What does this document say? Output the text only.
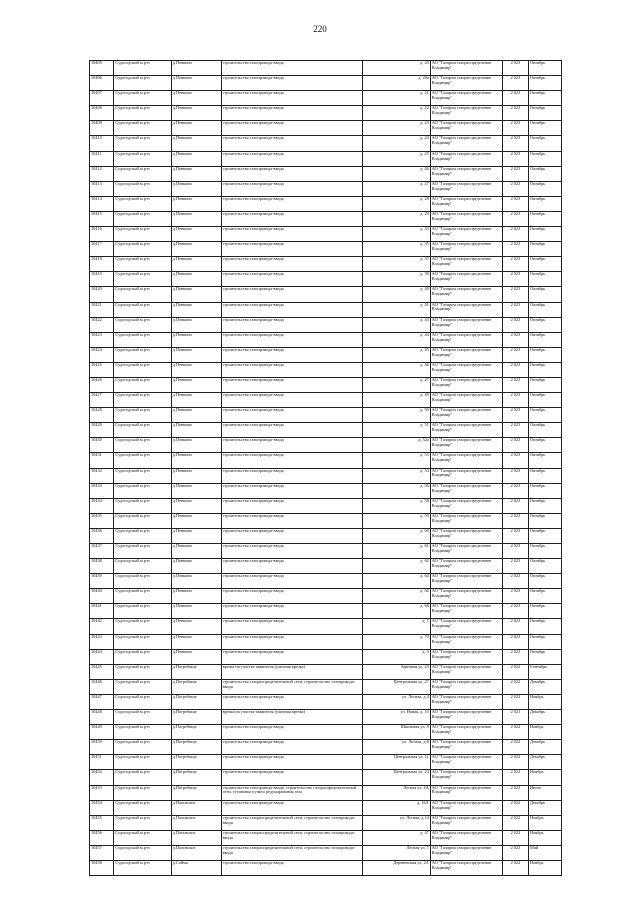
220
10405	Судогодский м.р-н	д.Пенкино	строительство газопровода-ввода	д. 20	АО "Газпром газораспределение Владимир"	2 023	Октябрь
10406	Судогодский м.р-н	д.Пенкино	строительство газопровода-ввода	д. 20а	АО "Газпром газораспределение Владимир"	2 023	Октябрь
10407	Судогодский м.р-н	д.Пенкино	строительство газопровода-ввода	д. 21	АО "Газпром газораспределение Владимир"	2 023	Октябрь
10408	Судогодский м.р-н	д.Пенкино	строительство газопровода-ввода	д. 22	АО "Газпром газораспределение Владимир"	2 023	Октябрь
10409	Судогодский м.р-н	д.Пенкино	строительство газопровода-ввода	д. 23	АО "Газпром газораспределение Владимир"	2 023	Октябрь
10410	Судогодский м.р-н	д.Пенкино	строительство газопровода-ввода	д. 24	АО "Газпром газораспределение Владимир"	2 023	Октябрь
10411	Судогодский м.р-н	д.Пенкино	строительство газопровода-ввода	д. 25	АО "Газпром газораспределение Владимир"	2 023	Октябрь
10412	Судогодский м.р-н	д.Пенкино	строительство газопровода-ввода	д. 26	АО "Газпром газораспределение Владимир"	2 023	Октябрь
10413	Судогодский м.р-н	д.Пенкино	строительство газопровода-ввода	д. 27	АО "Газпром газораспределение Владимир"	2 023	Октябрь
10414	Судогодский м.р-н	д.Пенкино	строительство газопровода-ввода	д. 28	АО "Газпром газораспределение Владимир"	2 023	Октябрь
10415	Судогодский м.р-н	д.Пенкино	строительство газопровода-ввода	д. 29	АО "Газпром газораспределение Владимир"	2 023	Октябрь
10416	Судогодский м.р-н	д.Пенкино	строительство газопровода-ввода	д. 33	АО "Газпром газораспределение Владимир"	2 023	Октябрь
10417	Судогодский м.р-н	д.Пенкино	строительство газопровода-ввода	д. 35	АО "Газпром газораспределение Владимир"	2 023	Октябрь
10418	Судогодский м.р-н	д.Пенкино	строительство газопровода-ввода	д. 37	АО "Газпром газораспределение Владимир"	2 023	Октябрь
10419	Судогодский м.р-н	д.Пенкино	строительство газопровода-ввода	д. 39	АО "Газпром газораспределение Владимир"	2 023	Октябрь
10420	Судогодский м.р-н	д.Пенкино	строительство газопровода-ввода	д. 40	АО "Газпром газораспределение Владимир"	2 023	Октябрь
10421	Судогодский м.р-н	д.Пенкино	строительство газопровода-ввода	д. 41	АО "Газпром газораспределение Владимир"	2 023	Октябрь
10422	Судогодский м.р-н	д.Пенкино	строительство газопровода-ввода	д. 43	АО "Газпром газораспределение Владимир"	2 023	Октябрь
10423	Судогодский м.р-н	д.Пенкино	строительство газопровода-ввода	д. 44	АО "Газпром газораспределение Владимир"	2 023	Октябрь
10424	Судогодский м.р-н	д.Пенкино	строительство газопровода-ввода	д. 45	АО "Газпром газораспределение Владимир"	2 023	Октябрь
10425	Судогодский м.р-н	д.Пенкино	строительство газопровода-ввода	д. 46	АО "Газпром газораспределение Владимир"	2 023	Октябрь
10426	Судогодский м.р-н	д.Пенкино	строительство газопровода-ввода	д. 47	АО "Газпром газораспределение Владимир"	2 023	Октябрь
10427	Судогодский м.р-н	д.Пенкино	строительство газопровода-ввода	д. 49	АО "Газпром газораспределение Владимир"	2 023	Октябрь
10428	Судогодский м.р-н	д.Пенкино	строительство газопровода-ввода	д. 50	АО "Газпром газораспределение Владимир"	2 023	Октябрь
10429	Судогодский м.р-н	д.Пенкино	строительство газопровода-ввода	д. 51	АО "Газпром газораспределение Владимир"	2 023	Октябрь
10430	Судогодский м.р-н	д.Пенкино	строительство газопровода-ввода	д. 52а	АО "Газпром газораспределение Владимир"	2 023	Октябрь
10431	Судогодский м.р-н	д.Пенкино	строительство газопровода-ввода	д. 53	АО "Газпром газораспределение Владимир"	2 023	Октябрь
10432	Судогодский м.р-н	д.Пенкино	строительство газопровода-ввода	д. 54	АО "Газпром газораспределение Владимир"	2 023	Октябрь
10433	Судогодский м.р-н	д.Пенкино	строительство газопровода-ввода	д. 56	АО "Газпром газораспределение Владимир"	2 023	Октябрь
10434	Судогодский м.р-н	д.Пенкино	строительство газопровода-ввода	д. 58	АО "Газпром газораспределение Владимир"	2 023	Октябрь
10435	Судогодский м.р-н	д.Пенкино	строительство газопровода-ввода	д. 59	АО "Газпром газораспределение Владимир"	2 023	Октябрь
10436	Судогодский м.р-н	д.Пенкино	строительство газопровода-ввода	д. 60	АО "Газпром газораспределение Владимир"	2 023	Октябрь
10437	Судогодский м.р-н	д.Пенкино	строительство газопровода-ввода	д. 61	АО "Газпром газораспределение Владимир"	2 023	Октябрь
10438	Судогодский м.р-н	д.Пенкино	строительство газопровода-ввода	д. 62	АО "Газпром газораспределение Владимир"	2 023	Октябрь
10439	Судогодский м.р-н	д.Пенкино	строительство газопровода-ввода	д. 64	АО "Газпром газораспределение Владимир"	2 023	Октябрь
10440	Судогодский м.р-н	д.Пенкино	строительство газопровода-ввода	д. 66	АО "Газпром газораспределение Владимир"	2 023	Октябрь
10441	Судогодский м.р-н	д.Пенкино	строительство газопровода-ввода	д. 68	АО "Газпром газораспределение Владимир"	2 023	Октябрь
10442	Судогодский м.р-н	д.Пенкино	строительство газопровода-ввода	д. 7	АО "Газпром газораспределение Владимир"	2 023	Октябрь
10443	Судогодский м.р-н	д.Пенкино	строительство газопровода-ввода	д. 70	АО "Газпром газораспределение Владимир"	2 023	Октябрь
10444	Судогодский м.р-н	д.Пенкино	строительство газопровода-ввода	д. 9	АО "Газпром газораспределение Владимир"	2 023	Октябрь
10445	Судогодский м.р-н	д.Погребище	врезка на участке заявителя (уличная врезка)	Заречная ул, 23	АО "Газпром газораспределение Владимир"	2 022	Сентябрь
10446	Судогодский м.р-н	д.Погребище	строительство газораспределительной сети, строительство газопровода-ввода	Центральная ул, 27	АО "Газпром газораспределение Владимир"	2 022	Декабрь
10447	Судогодский м.р-н	д.Погребище	строительство газопровода-ввода	ул. Лесная, д.4	АО "Газпром газораспределение Владимир"	2 022	Ноябрь
10448	Судогодский м.р-н	д.Погребище	врезка на участке заявителя (уличная врезка)	ул. Новая, д. 10	АО "Газпром газораспределение Владимир"	2 021	Декабрь
10449	Судогодский м.р-н	д.Погребище	строительство газопровода-ввода	Школьная ул, 8	АО "Газпром газораспределение Владимир"	2 022	Ноябрь
10450	Судогодский м.р-н	д.Погребище	строительство газопровода-ввода	ул. Лесная, д.8	АО "Газпром газораспределение Владимир"	2 022	Декабрь
10451	Судогодский м.р-н	д.Погребище	строительство газопровода-ввода	Центральная ул, 11	АО "Газпром газораспределение Владимир"	2 022	Декабрь
10452	Судогодский м.р-н	д.Погребище	строительство газопровода-ввода	Центральная ул, 23	АО "Газпром газораспределение Владимир"	2 022	Ноябрь
10453	Судогодский м.р-н	д.Погребище	строительство газопровода-ввода, строительство газораспределительной сети, установка пункта редуцирования газа	Лесная ул, 4А	АО "Газпром газораспределение Владимир"	2 023	Июнь
10454	Судогодский м.р-н	д.Поповское	строительство газопровода-ввода	д. 16А	АО "Газпром газораспределение Владимир"	2 022	Декабрь
10455	Судогодский м.р-н	д.Поповское	строительство газораспределительной сети, строительство газопровода-ввода	ул. Лесная, д.14	АО "Газпром газораспределение Владимир"	2 022	Ноябрь
10456	Судогодский м.р-н	д.Поповское	строительство газораспределительной сети, строительство газопровода-ввода	д. 47	АО "Газпром газораспределение Владимир"	2 022	Ноябрь
10457	Судогодский м.р-н	д.Поповское	строительство газораспределительной сети, строительство газопровода-ввода	Лесная ул, 7	АО "Газпром газораспределение Владимир"	2 023	Май
10458	Судогодский м.р-н	д.Сойма	строительство газопровода-ввода	Деревенская ул, 2А	АО "Газпром газораспределение Владимир"	2 022	Ноябрь
